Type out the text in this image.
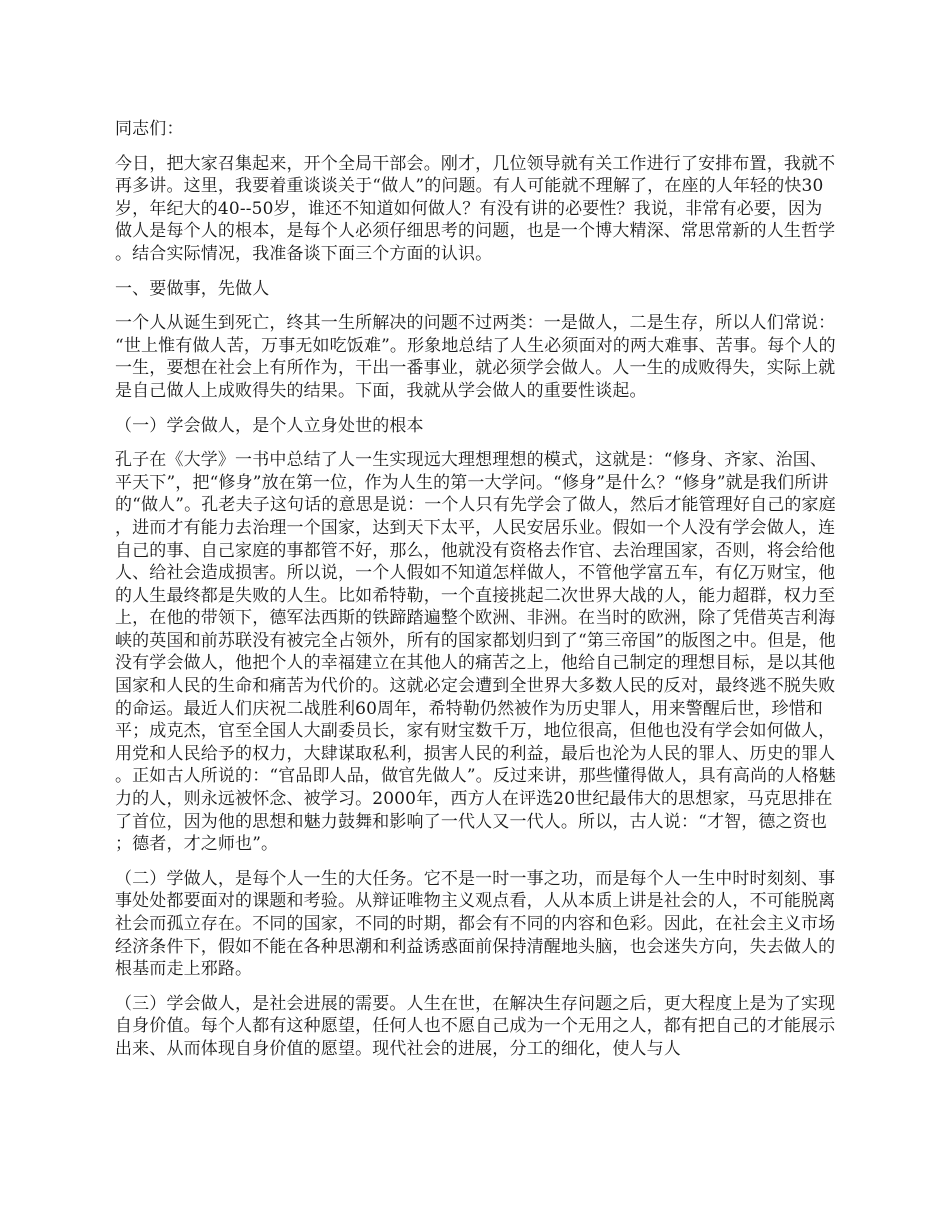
同志们：

今日，把大家召集起来，开个全局干部会。刚才，几位领导就有关工作进行了安排布置，我就不再多讲。这里，我要着重谈谈关于“做人”的问题。有人可能就不理解了，在座的人年轻的快30岁，年纪大的40--50岁，谁还不知道如何做人？有没有讲的必要性？我说，非常有必要，因为做人是每个人的根本，是每个人必须仔细思考的问题，也是一个博大精深、常思常新的人生哲学。结合实际情况，我准备谈下面三个方面的认识。

一、要做事，先做人

一个人从诞生到死亡，终其一生所解决的问题不过两类：一是做人，二是生存，所以人们常说：“世上惟有做人苦，万事无如吃饭难”。形象地总结了人生必须面对的两大难事、苦事。每个人的一生，要想在社会上有所作为，干出一番事业，就必须学会做人。人一生的成败得失，实际上就是自己做人上成败得失的结果。下面，我就从学会做人的重要性谈起。

（一）学会做人，是个人立身处世的根本

孔子在《大学》一书中总结了人一生实现远大理想理想的模式，这就是：“修身、齐家、治国、平天下”，把“修身”放在第一位，作为人生的第一大学问。“修身”是什么？“修身”就是我们所讲的“做人”。孔老夫子这句话的意思是说：一个人只有先学会了做人，然后才能管理好自己的家庭，进而才有能力去治理一个国家，达到天下太平，人民安居乐业。假如一个人没有学会做人，连自己的事、自己家庭的事都管不好，那么，他就没有资格去作官、去治理国家，否则，将会给他人、给社会造成损害。所以说，一个人假如不知道怎样做人，不管他学富五车，有亿万财宝，他的人生最终都是失败的人生。比如希特勒，一个直接挑起二次世界大战的人，能力超群，权力至上，在他的带领下，德军法西斯的铁蹄踏遍整个欧洲、非洲。在当时的欧洲，除了凭借英吉利海峡的英国和前苏联没有被完全占领外，所有的国家都划归到了“第三帝国”的版图之中。但是，他没有学会做人，他把个人的幸福建立在其他人的痛苦之上，他给自己制定的理想目标，是以其他国家和人民的生命和痛苦为代价的。这就必定会遭到全世界大多数人民的反对，最终逃不脱失败的命运。最近人们庆祝二战胜利60周年，希特勒仍然被作为历史罪人，用来警醒后世，珍惜和平；成克杰，官至全国人大副委员长，家有财宝数千万，地位很高，但他也没有学会如何做人，用党和人民给予的权力，大肆谋取私利，损害人民的利益，最后也沦为人民的罪人、历史的罪人。正如古人所说的：“官品即人品，做官先做人”。反过来讲，那些懂得做人，具有高尚的人格魅力的人，则永远被怀念、被学习。2000年，西方人在评选20世纪最伟大的思想家，马克思排在了首位，因为他的思想和魅力鼓舞和影响了一代人又一代人。所以，古人说：“才智，德之资也；德者，才之师也”。

（二）学做人，是每个人一生的大任务。它不是一时一事之功，而是每个人一生中时时刻刻、事事处处都要面对的课题和考验。从辩证唯物主义观点看，人从本质上讲是社会的人，不可能脱离社会而孤立存在。不同的国家，不同的时期，都会有不同的内容和色彩。因此，在社会主义市场经济条件下，假如不能在各种思潮和利益诱惑面前保持清醒地头脑，也会迷失方向，失去做人的根基而走上邪路。

（三）学会做人，是社会进展的需要。人生在世，在解决生存问题之后，更大程度上是为了实现自身价值。每个人都有这种愿望，任何人也不愿自己成为一个无用之人，都有把自己的才能展示出来、从而体现自身价值的愿望。现代社会的进展，分工的细化，使人与人
